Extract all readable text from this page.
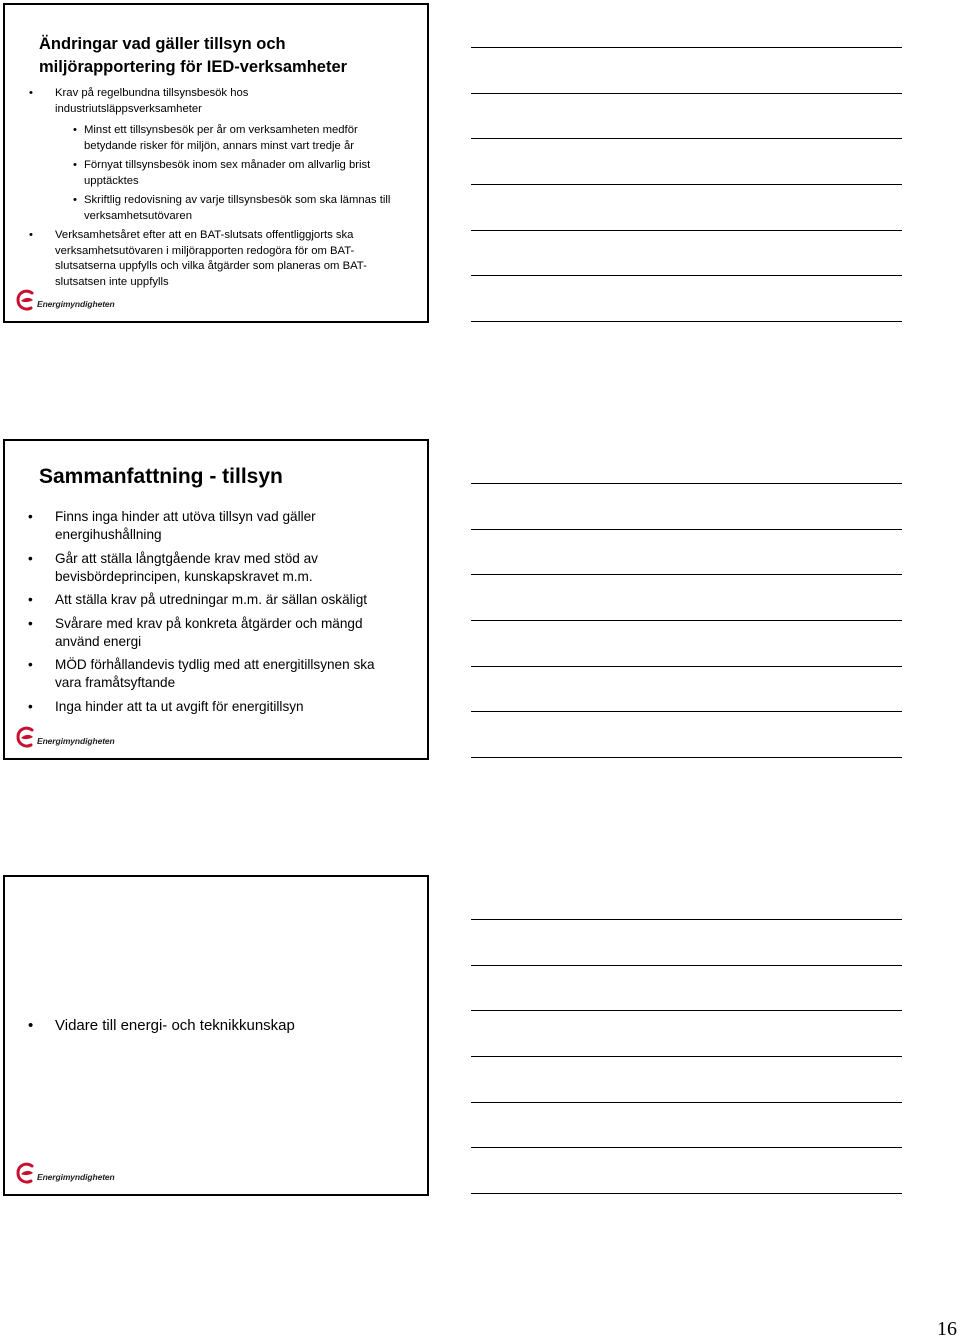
Ändringar vad gäller tillsyn och
miljörapportering för IED-verksamheter
• Krav på regelbundna tillsynsbesök hos industriutsläppsverksamheter
• Minst ett tillsynsbesök per år om verksamheten medför betydande risker för miljön, annars minst vart tredje år
• Förnyat tillsynsbesök inom sex månader om allvarlig brist upptäcktes
• Skriftlig redovisning av varje tillsynsbesök som ska lämnas till verksamhetsutövaren
• Verksamhetsåret efter att en BAT-slutsats offentliggjorts ska verksamhetsutövaren i miljörapporten redogöra för om BAT-slutsatserna uppfylls och vilka åtgärder som planeras om BAT-slutsatsen inte uppfylls
Energimyndigheten
Sammanfattning - tillsyn
• Finns inga hinder att utöva tillsyn vad gäller energihushållning
• Går att ställa långtgående krav med stöd av bevisbördeprincipen, kunskapskravet m.m.
• Att ställa krav på utredningar m.m. är sällan oskäligt
• Svårare med krav på konkreta åtgärder och mängd använd energi
• MÖD förhållandevis tydlig med att energitillsynen ska vara framåtsyftande
• Inga hinder att ta ut avgift för energitillsyn
Energimyndigheten
• Vidare till energi- och teknikkunskap
Energimyndigheten
16
